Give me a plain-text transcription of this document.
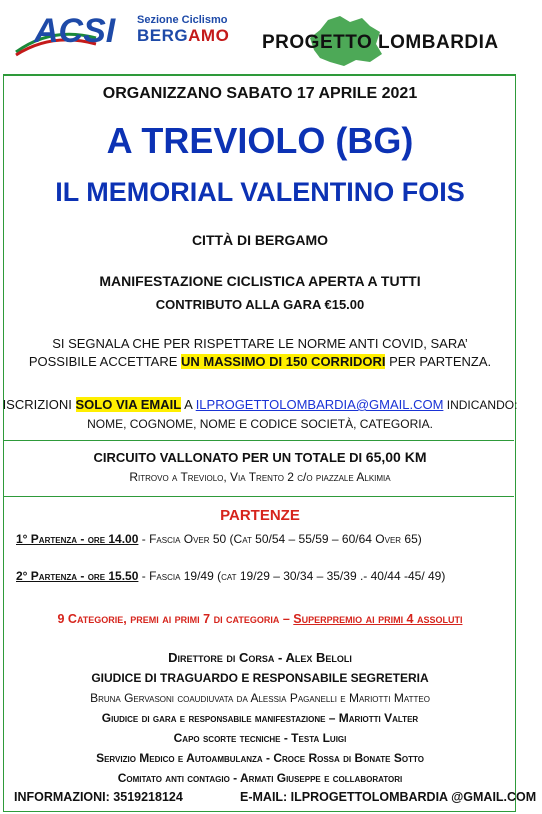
ACSI Sezione Ciclismo
BERGAMO PROGETTO LOMBARDIA
ORGANIZZANO SABATO 17 APRILE 2021
A TREVIOLO (BG)
IL MEMORIAL VALENTINO FOIS
CITTÀ DI BERGAMO
MANIFESTAZIONE CICLISTICA APERTA A TUTTI
CONTRIBUTO ALLA GARA €15.00
SI SEGNALA CHE PER RISPETTARE LE NORME ANTI COVID, SARA’
POSSIBILE ACCETTARE UN MASSIMO DI 150 CORRIDORI PER PARTENZA.
ISCRIZIONI SOLO VIA EMAIL A ILPROGETTOLOMBARDIA@GMAIL.COM INDICANDO:
NOME, COGNOME, NOME E CODICE SOCIETÀ, CATEGORIA.
CIRCUITO VALLONATO PER UN TOTALE DI 65,00 KM
Ritrovo a Treviolo, Via Trento 2 c/o piazzale Alkimia
PARTENZE
1° Partenza - ore 14.00 - Fascia Over 50 (Cat 50/54 – 55/59 – 60/64 Over 65)
2° Partenza - ore 15.50 - Fascia 19/49 (cat 19/29 – 30/34 – 35/39 .- 40/44 -45/ 49)
9 Categorie, premi ai primi 7 di categoria – Superpremio ai primi 4 assoluti
Direttore di Corsa - Alex Beloli
GIUDICE DI TRAGUARDO E RESPONSABILE SEGRETERIA
Bruna Gervasoni coaudiuvata da Alessia Paganelli e Mariotti Matteo
Giudice di gara e responsabile manifestazione – Mariotti Valter
Capo scorte tecniche - Testa Luigi
Servizio Medico e Autoambulanza - Croce Rossa di Bonate Sotto
Comitato anti contagio - Armati Giuseppe e collaboratori
INFORMAZIONI: 3519218124	E-MAIL: ILPROGETTOLOMBARDIA @GMAIL.COM
